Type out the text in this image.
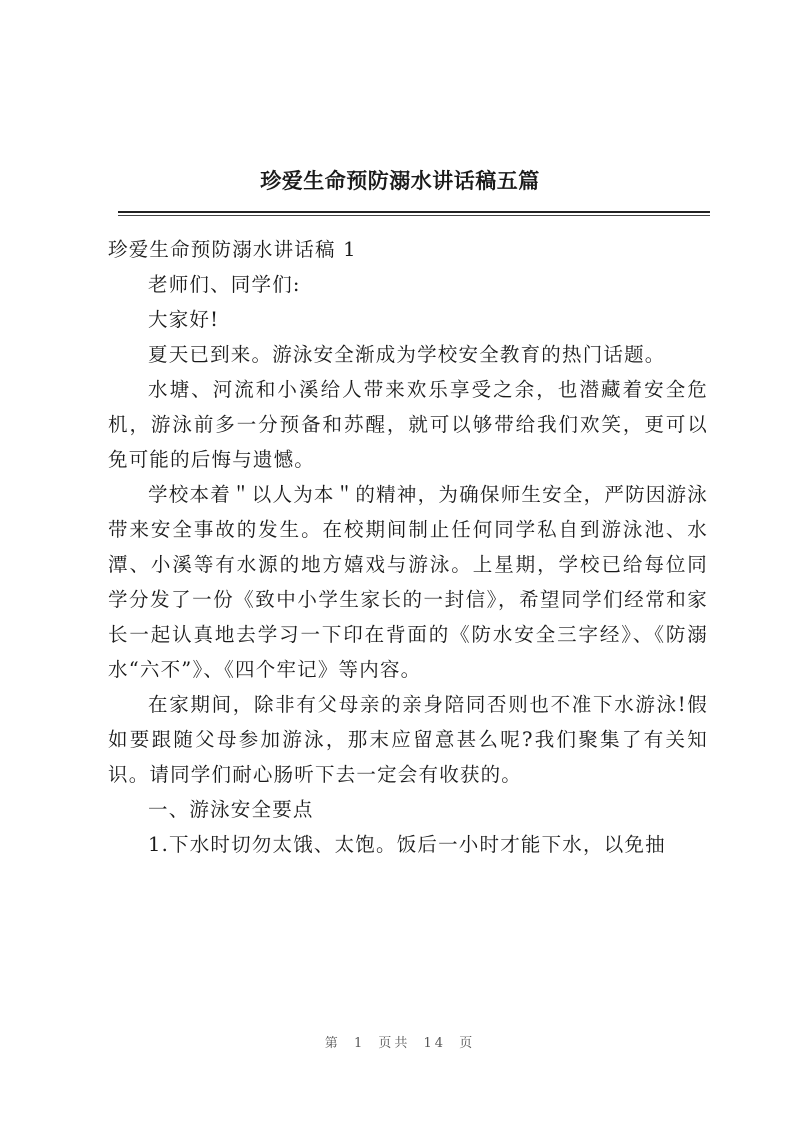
珍爱生命预防溺水讲话稿五篇

珍爱生命预防溺水讲话稿 1

老师们、同学们:

大家好!

夏天已到来。游泳安全渐成为学校安全教育的热门话题。

水塘、河流和小溪给人带来欢乐享受之余，也潜藏着安全危机，游泳前多一分预备和苏醒，就可以够带给我们欢笑，更可以免可能的后悔与遗憾。

学校本着＂以人为本＂的精神，为确保师生安全，严防因游泳带来安全事故的发生。在校期间制止任何同学私自到游泳池、水潭、小溪等有水源的地方嬉戏与游泳。上星期，学校已给每位同学分发了一份《致中小学生家长的一封信》，希望同学们经常和家长一起认真地去学习一下印在背面的《防水安全三字经》、《防溺水“六不”》、《四个牢记》等内容。

在家期间，除非有父母亲的亲身陪同否则也不准下水游泳!假如要跟随父母参加游泳，那末应留意甚么呢?我们聚集了有关知识。请同学们耐心肠听下去一定会有收获的。

一、游泳安全要点

1.下水时切勿太饿、太饱。饭后一小时才能下水，以免抽

第 1 页共 14 页
